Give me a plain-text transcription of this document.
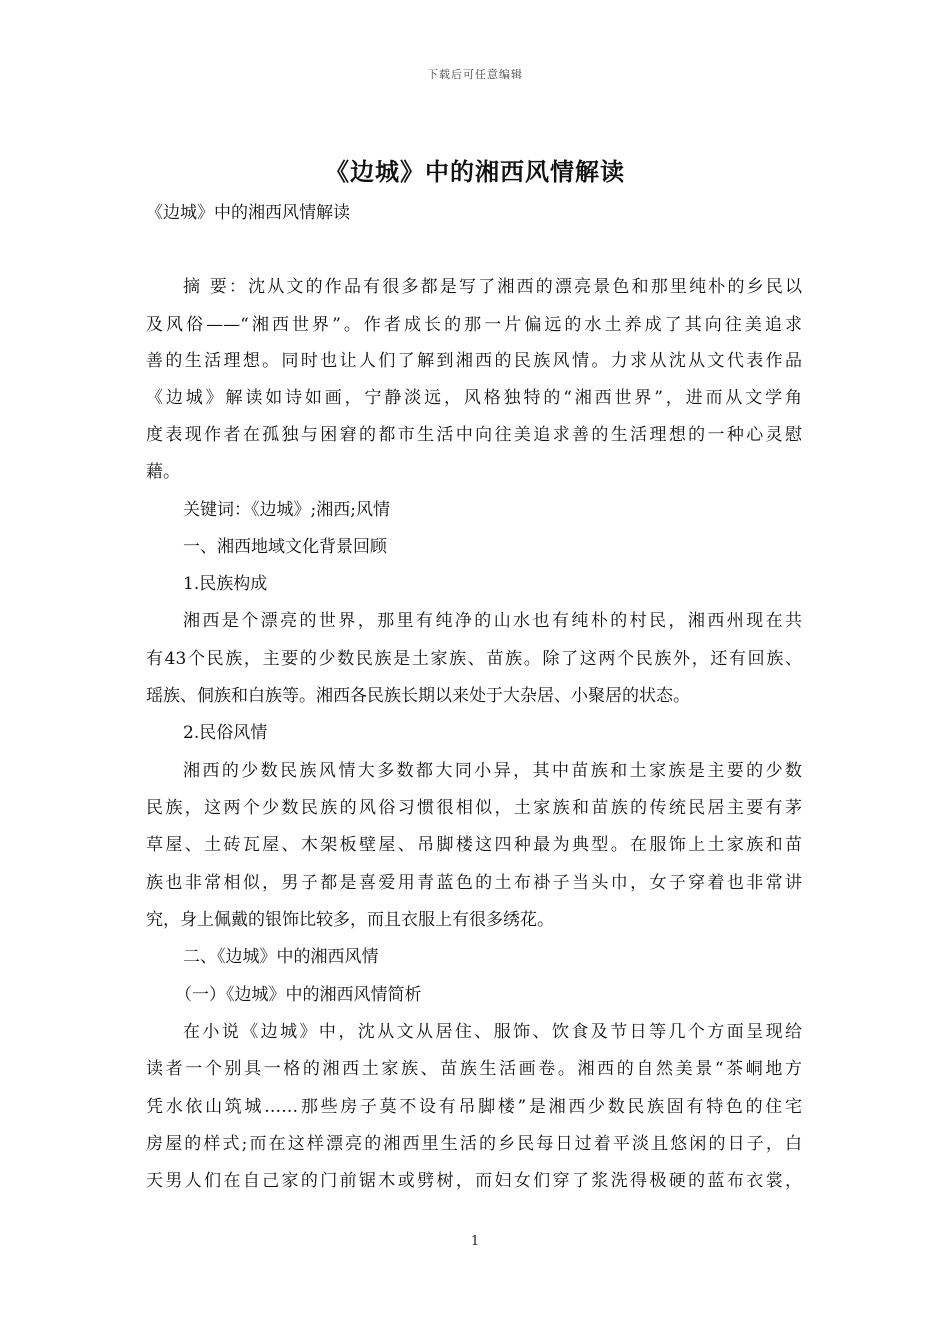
下载后可任意编辑
《边城》中的湘西风情解读
《边城》中的湘西风情解读
摘 要：沈从文的作品有很多都是写了湘西的漂亮景色和那里纯朴的乡民以
及风俗——“湘西世界”。作者成长的那一片偏远的水土养成了其向往美追求
善的生活理想。同时也让人们了解到湘西的民族风情。力求从沈从文代表作品
《边城》解读如诗如画，宁静淡远，风格独特的“湘西世界”，进而从文学角
度表现作者在孤独与困窘的都市生活中向往美追求善的生活理想的一种心灵慰
藉。
关键词：《边城》;湘西;风情
一、湘西地域文化背景回顾
1.民族构成
湘西是个漂亮的世界，那里有纯净的山水也有纯朴的村民，湘西州现在共
有43个民族，主要的少数民族是土家族、苗族。除了这两个民族外，还有回族、
瑶族、侗族和白族等。湘西各民族长期以来处于大杂居、小聚居的状态。
2.民俗风情
湘西的少数民族风情大多数都大同小异，其中苗族和土家族是主要的少数
民族，这两个少数民族的风俗习惯很相似，土家族和苗族的传统民居主要有茅
草屋、土砖瓦屋、木架板壁屋、吊脚楼这四种最为典型。在服饰上土家族和苗
族也非常相似，男子都是喜爱用青蓝色的土布褂子当头巾，女子穿着也非常讲
究，身上佩戴的银饰比较多，而且衣服上有很多绣花。
二、《边城》中的湘西风情
（一）《边城》中的湘西风情简析
在小说《边城》中，沈从文从居住、服饰、饮食及节日等几个方面呈现给
读者一个别具一格的湘西土家族、苗族生活画卷。湘西的自然美景“茶峒地方
凭水依山筑城……那些房子莫不设有吊脚楼”是湘西少数民族固有特色的住宅
房屋的样式;而在这样漂亮的湘西里生活的乡民每日过着平淡且悠闲的日子，白
天男人们在自己家的门前锯木或劈树，而妇女们穿了浆洗得极硬的蓝布衣裳，
1
